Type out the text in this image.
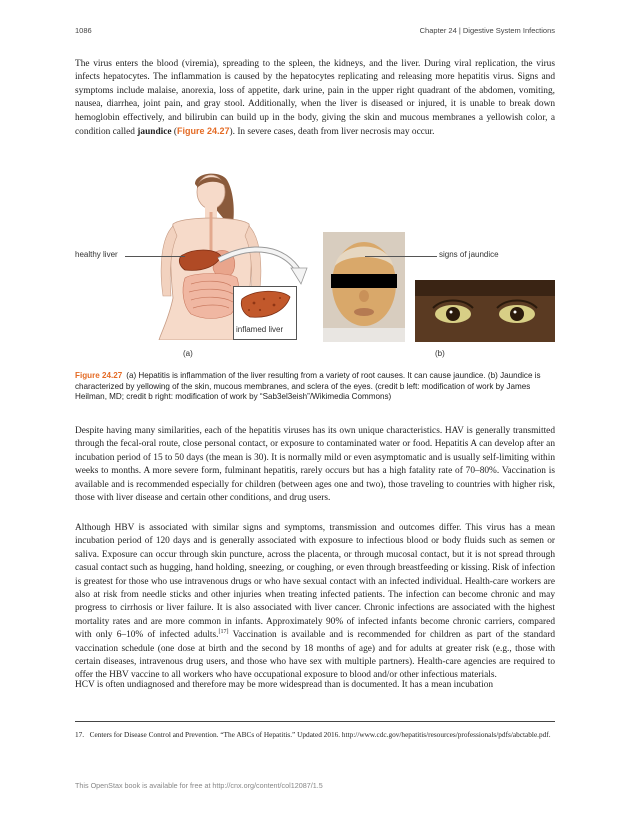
1086	Chapter 24 | Digestive System Infections

The virus enters the blood (viremia), spreading to the spleen, the kidneys, and the liver. During viral replication, the virus infects hepatocytes. The inflammation is caused by the hepatocytes replicating and releasing more hepatitis virus. Signs and symptoms include malaise, anorexia, loss of appetite, dark urine, pain in the upper right quadrant of the abdomen, vomiting, nausea, diarrhea, joint pain, and gray stool. Additionally, when the liver is diseased or injured, it is unable to break down hemoglobin effectively, and bilirubin can build up in the body, giving the skin and mucous membranes a yellowish color, a condition called jaundice (Figure 24.27). In severe cases, death from liver necrosis may occur.

healthy liver
inflamed liver
(a)
signs of jaundice
(b)
Figure 24.27 (a) Hepatitis is inflammation of the liver resulting from a variety of root causes. It can cause jaundice. (b) Jaundice is characterized by yellowing of the skin, mucous membranes, and sclera of the eyes. (credit b left: modification of work by James Heilman, MD; credit b right: modification of work by “Sab3el3eish”/Wikimedia Commons)

Despite having many similarities, each of the hepatitis viruses has its own unique characteristics. HAV is generally transmitted through the fecal-oral route, close personal contact, or exposure to contaminated water or food. Hepatitis A can develop after an incubation period of 15 to 50 days (the mean is 30). It is normally mild or even asymptomatic and is usually self-limiting within weeks to months. A more severe form, fulminant hepatitis, rarely occurs but has a high fatality rate of 70–80%. Vaccination is available and is recommended especially for children (between ages one and two), those traveling to countries with higher risk, those with liver disease and certain other conditions, and drug users.

Although HBV is associated with similar signs and symptoms, transmission and outcomes differ. This virus has a mean incubation period of 120 days and is generally associated with exposure to infectious blood or body fluids such as semen or saliva. Exposure can occur through skin puncture, across the placenta, or through mucosal contact, but it is not spread through casual contact such as hugging, hand holding, sneezing, or coughing, or even through breastfeeding or kissing. Risk of infection is greatest for those who use intravenous drugs or who have sexual contact with an infected individual. Health-care workers are also at risk from needle sticks and other injuries when treating infected patients. The infection can become chronic and may progress to cirrhosis or liver failure. It is also associated with liver cancer. Chronic infections are associated with the highest mortality rates and are more common in infants. Approximately 90% of infected infants become chronic carriers, compared with only 6–10% of infected adults.[17] Vaccination is available and is recommended for children as part of the standard vaccination schedule (one dose at birth and the second by 18 months of age) and for adults at greater risk (e.g., those with certain diseases, intravenous drug users, and those who have sex with multiple partners). Health-care agencies are required to offer the HBV vaccine to all workers who have occupational exposure to blood and/or other infectious materials.

HCV is often undiagnosed and therefore may be more widespread than is documented. It has a mean incubation

17. Centers for Disease Control and Prevention. “The ABCs of Hepatitis.” Updated 2016. http://www.cdc.gov/hepatitis/resources/professionals/pdfs/abctable.pdf.
This OpenStax book is available for free at http://cnx.org/content/col12087/1.5
